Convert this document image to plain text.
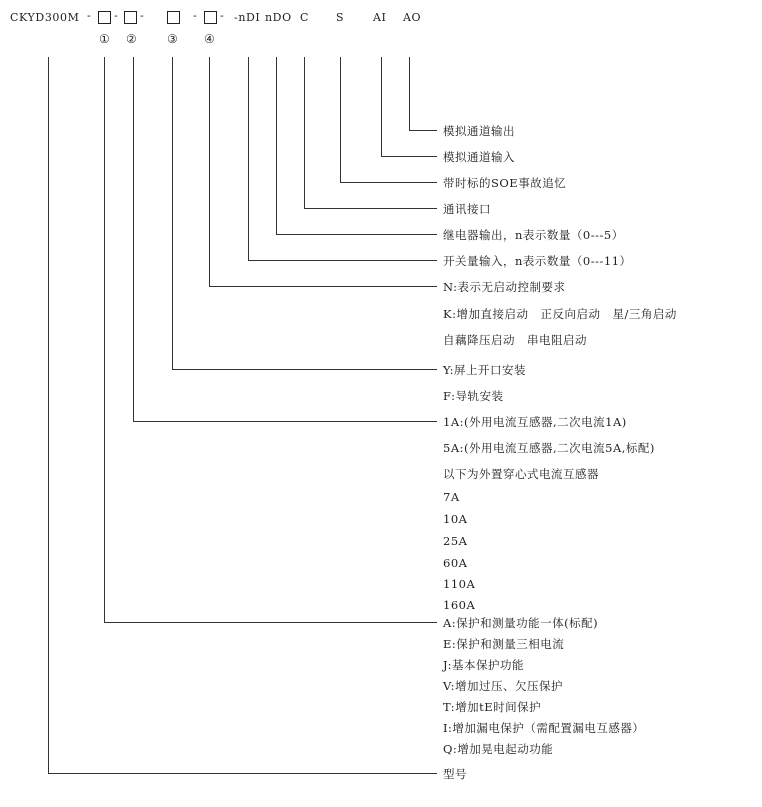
CKYD300M - - -	- - -nDI nDO C S	AI AO
① ② ③ ④
模拟通道输出
模拟通道输入
带时标的SOE事故追忆
通讯接口
继电器输出，n表示数量（0---5）
开关量输入，n表示数量（0---11）
N:表示无启动控制要求
K:增加直接启动　正反向启动　星/三角启动
自藕降压启动　串电阻启动
Y:屏上开口安装
F:导轨安装
1A:(外用电流互感器,二次电流1A)
5A:(外用电流互感器,二次电流5A,标配)
以下为外置穿心式电流互感器
7A
10A
25A
60A
110A
160A
A:保护和测量功能一体(标配)
E:保护和测量三相电流
J:基本保护功能
V:增加过压、欠压保护
T:增加tE时间保护
I:增加漏电保护（需配置漏电互感器）
Q:增加晃电起动功能
型号
